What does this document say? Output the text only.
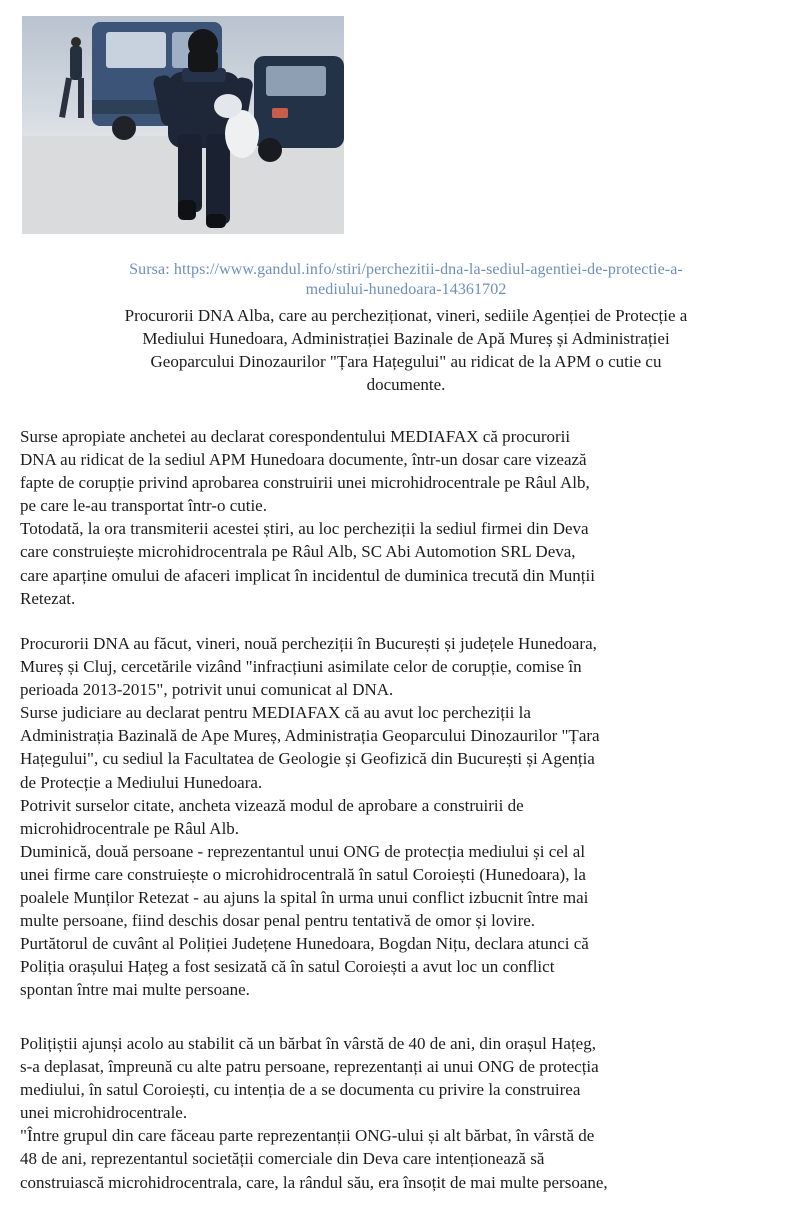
Sursa: https://www.gandul.info/stiri/perchezitii-dna-la-sediul-agentiei-de-protectie-a-
mediului-hunedoara-14361702
Procurorii DNA Alba, care au percheziționat, vineri, sediile Agenției de Protecție a
Mediului Hunedoara, Administrației Bazinale de Apă Mureș și Administrației
Geoparcului Dinozaurilor "Țara Hațegului" au ridicat de la APM o cutie cu
documente.

Surse apropiate anchetei au declarat corespondentului MEDIAFAX că procurorii

DNA au ridicat de la sediul APM Hunedoara documente, într-un dosar care vizează

fapte de corupție privind aprobarea construirii unei microhidrocentrale pe Râul Alb,

pe care le-au transportat într-o cutie.

Totodată, la ora transmiterii acestei știri, au loc percheziții la sediul firmei din Deva

care construiește microhidrocentrala pe Râul Alb, SC Abi Automotion SRL Deva,

care aparține omului de afaceri implicat în incidentul de duminica trecută din Munții

Retezat.

Procurorii DNA au făcut, vineri, nouă percheziții în București și județele Hunedoara,

Mureș și Cluj, cercetările vizând "infracțiuni asimilate celor de corupție, comise în

perioada 2013-2015", potrivit unui comunicat al DNA.

Surse judiciare au declarat pentru MEDIAFAX că au avut loc percheziții la

Administrația Bazinală de Ape Mureș, Administrația Geoparcului Dinozaurilor "Țara

Hațegului", cu sediul la Facultatea de Geologie și Geofizică din București și Agenția

de Protecție a Mediului Hunedoara.

Potrivit surselor citate, ancheta vizează modul de aprobare a construirii de

microhidrocentrale pe Râul Alb.

Duminică, două persoane - reprezentantul unui ONG de protecția mediului și cel al

unei firme care construiește o microhidrocentrală în satul Coroiești (Hunedoara), la

poalele Munților Retezat - au ajuns la spital în urma unui conflict izbucnit între mai

multe persoane, fiind deschis dosar penal pentru tentativă de omor și lovire.

Purtătorul de cuvânt al Poliției Județene Hunedoara, Bogdan Nițu, declara atunci că

Poliția orașului Hațeg a fost sesizată că în satul Coroiești a avut loc un conflict

spontan între mai multe persoane.

Polițiștii ajunși acolo au stabilit că un bărbat în vârstă de 40 de ani, din orașul Hațeg,

s-a deplasat, împreună cu alte patru persoane, reprezentanți ai unui ONG de protecția

mediului, în satul Coroiești, cu intenția de a se documenta cu privire la construirea

unei microhidrocentrale.

"Între grupul din care făceau parte reprezentanții ONG-ului și alt bărbat, în vârstă de

48 de ani, reprezentantul societății comerciale din Deva care intenționează să

construiască microhidrocentrala, care, la rândul său, era însoțit de mai multe persoane,
